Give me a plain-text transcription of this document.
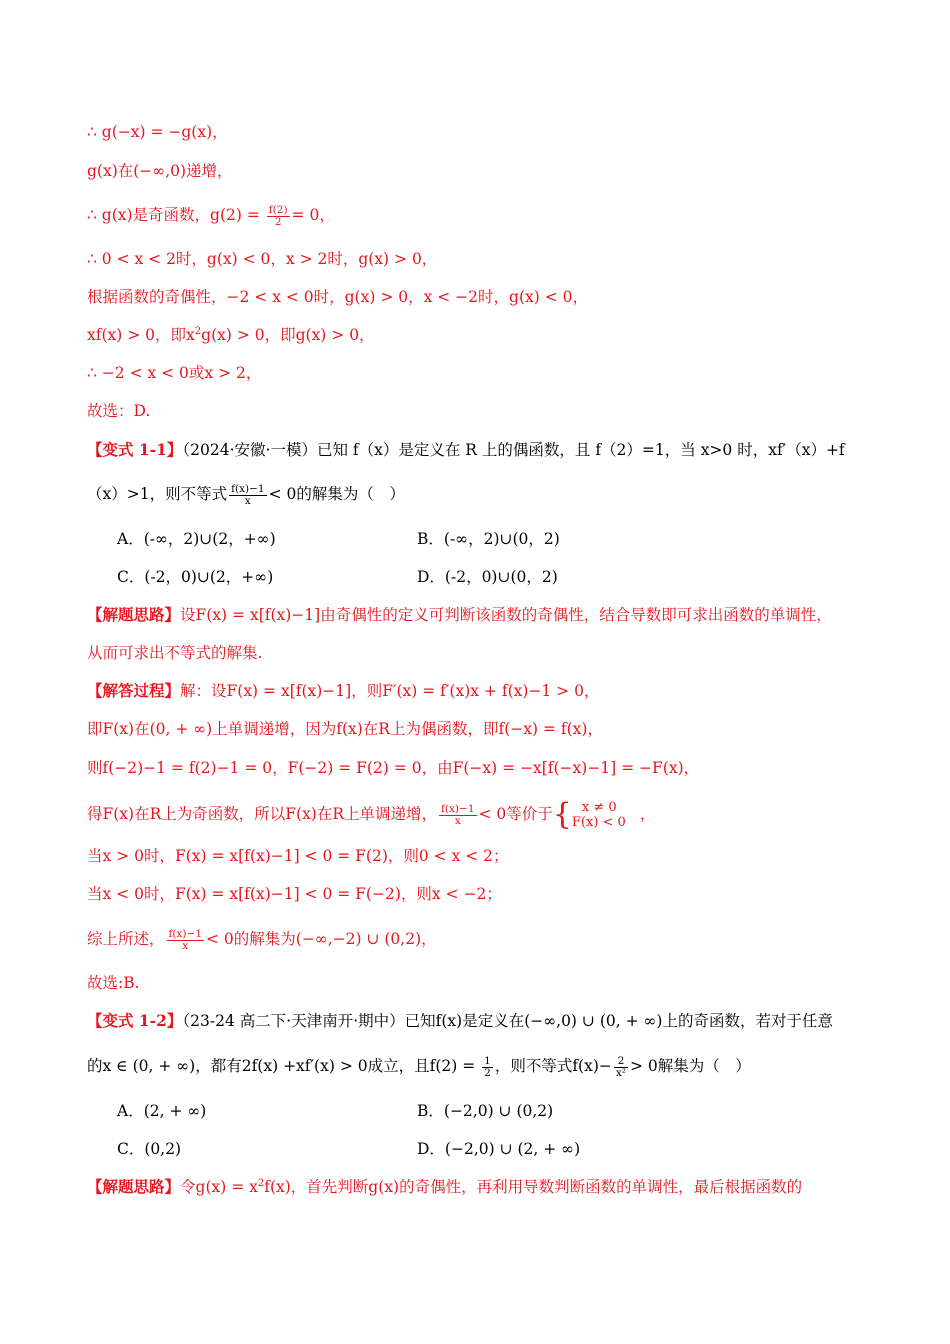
∴ g(−x) = −g(x)，
g(x)在(−∞,0)递增，
∴ g(x)是奇函数，$g(2) = \frac{f(2)}{2} = 0$，
∴ 0 < x < 2时，g(x) < 0，x > 2时，g(x) > 0，
根据函数的奇偶性，−2 < x < 0时，g(x) > 0，x < −2时，g(x) < 0，
xf(x) > 0，即$x^2g(x) > 0$，即g(x) > 0，
∴ −2 < x < 0或x > 2，
故选：D.
【变式 1-1】（2024·安徽·一模）已知 f（x）是定义在 R 上的偶函数，且 f（2）=1，当 x>0 时，xf′（x）+f
（x）>1，则不等式 $\frac{f(x)-1}{x} < 0$的解集为（　）
A．(-∞，2)∪(2，+∞)	B．(-∞，2)∪(0，2)
C．(-2，0)∪(2，+∞)	D．(-2，0)∪(0，2)
【解题思路】设F(x) = x[f(x)−1]由奇偶性的定义可判断该函数的奇偶性，结合导数即可求出函数的单调性，
从而可求出不等式的解集.
【解答过程】解：设F(x) = x[f(x)−1]，则F′(x) = f′(x)x + f(x)−1 > 0，
即F(x)在(0, + ∞)上单调递增，因为f(x)在R上为偶函数，即f(−x) = f(x)，
则f(−2)−1 = f(2)−1 = 0，F(−2) = F(2) = 0，由F(−x) = −x[f(−x)−1] = −F(x)，
得F(x)在R上为奇函数，所以F(x)在R上单调递增， $\frac{f(x)-1}{x} < 0$等价于{ x ≠ 0
F(x) < 0 ，
当x > 0时，F(x) = x[f(x)−1] < 0 = F(2)，则0 < x < 2；
当x < 0时，F(x) = x[f(x)−1] < 0 = F(−2)，则x < −2；
综上所述， $\frac{f(x)-1}{x} < 0$的解集为(−∞,−2) ∪ (0,2)，
故选:B.
【变式 1-2】（23-24 高二下·天津南开·期中）已知f(x)是定义在(−∞,0) ∪ (0, + ∞)上的奇函数，若对于任意
的x ∈ (0, + ∞)，都有2f(x) +xf′(x) > 0成立，且$f(2) = \frac{1}{2}$ ，则不等式$f(x)- \frac{2}{\text{x²}} > 0$解集为（　）
A．(2, + ∞)	B．(−2,0) ∪ (0,2)
C．(0,2)	D．(−2,0) ∪ (2, + ∞)
【解题思路】令$g(x) = x^2f(x)$，首先判断g(x)的奇偶性，再利用导数判断函数的单调性，最后根据函数的
